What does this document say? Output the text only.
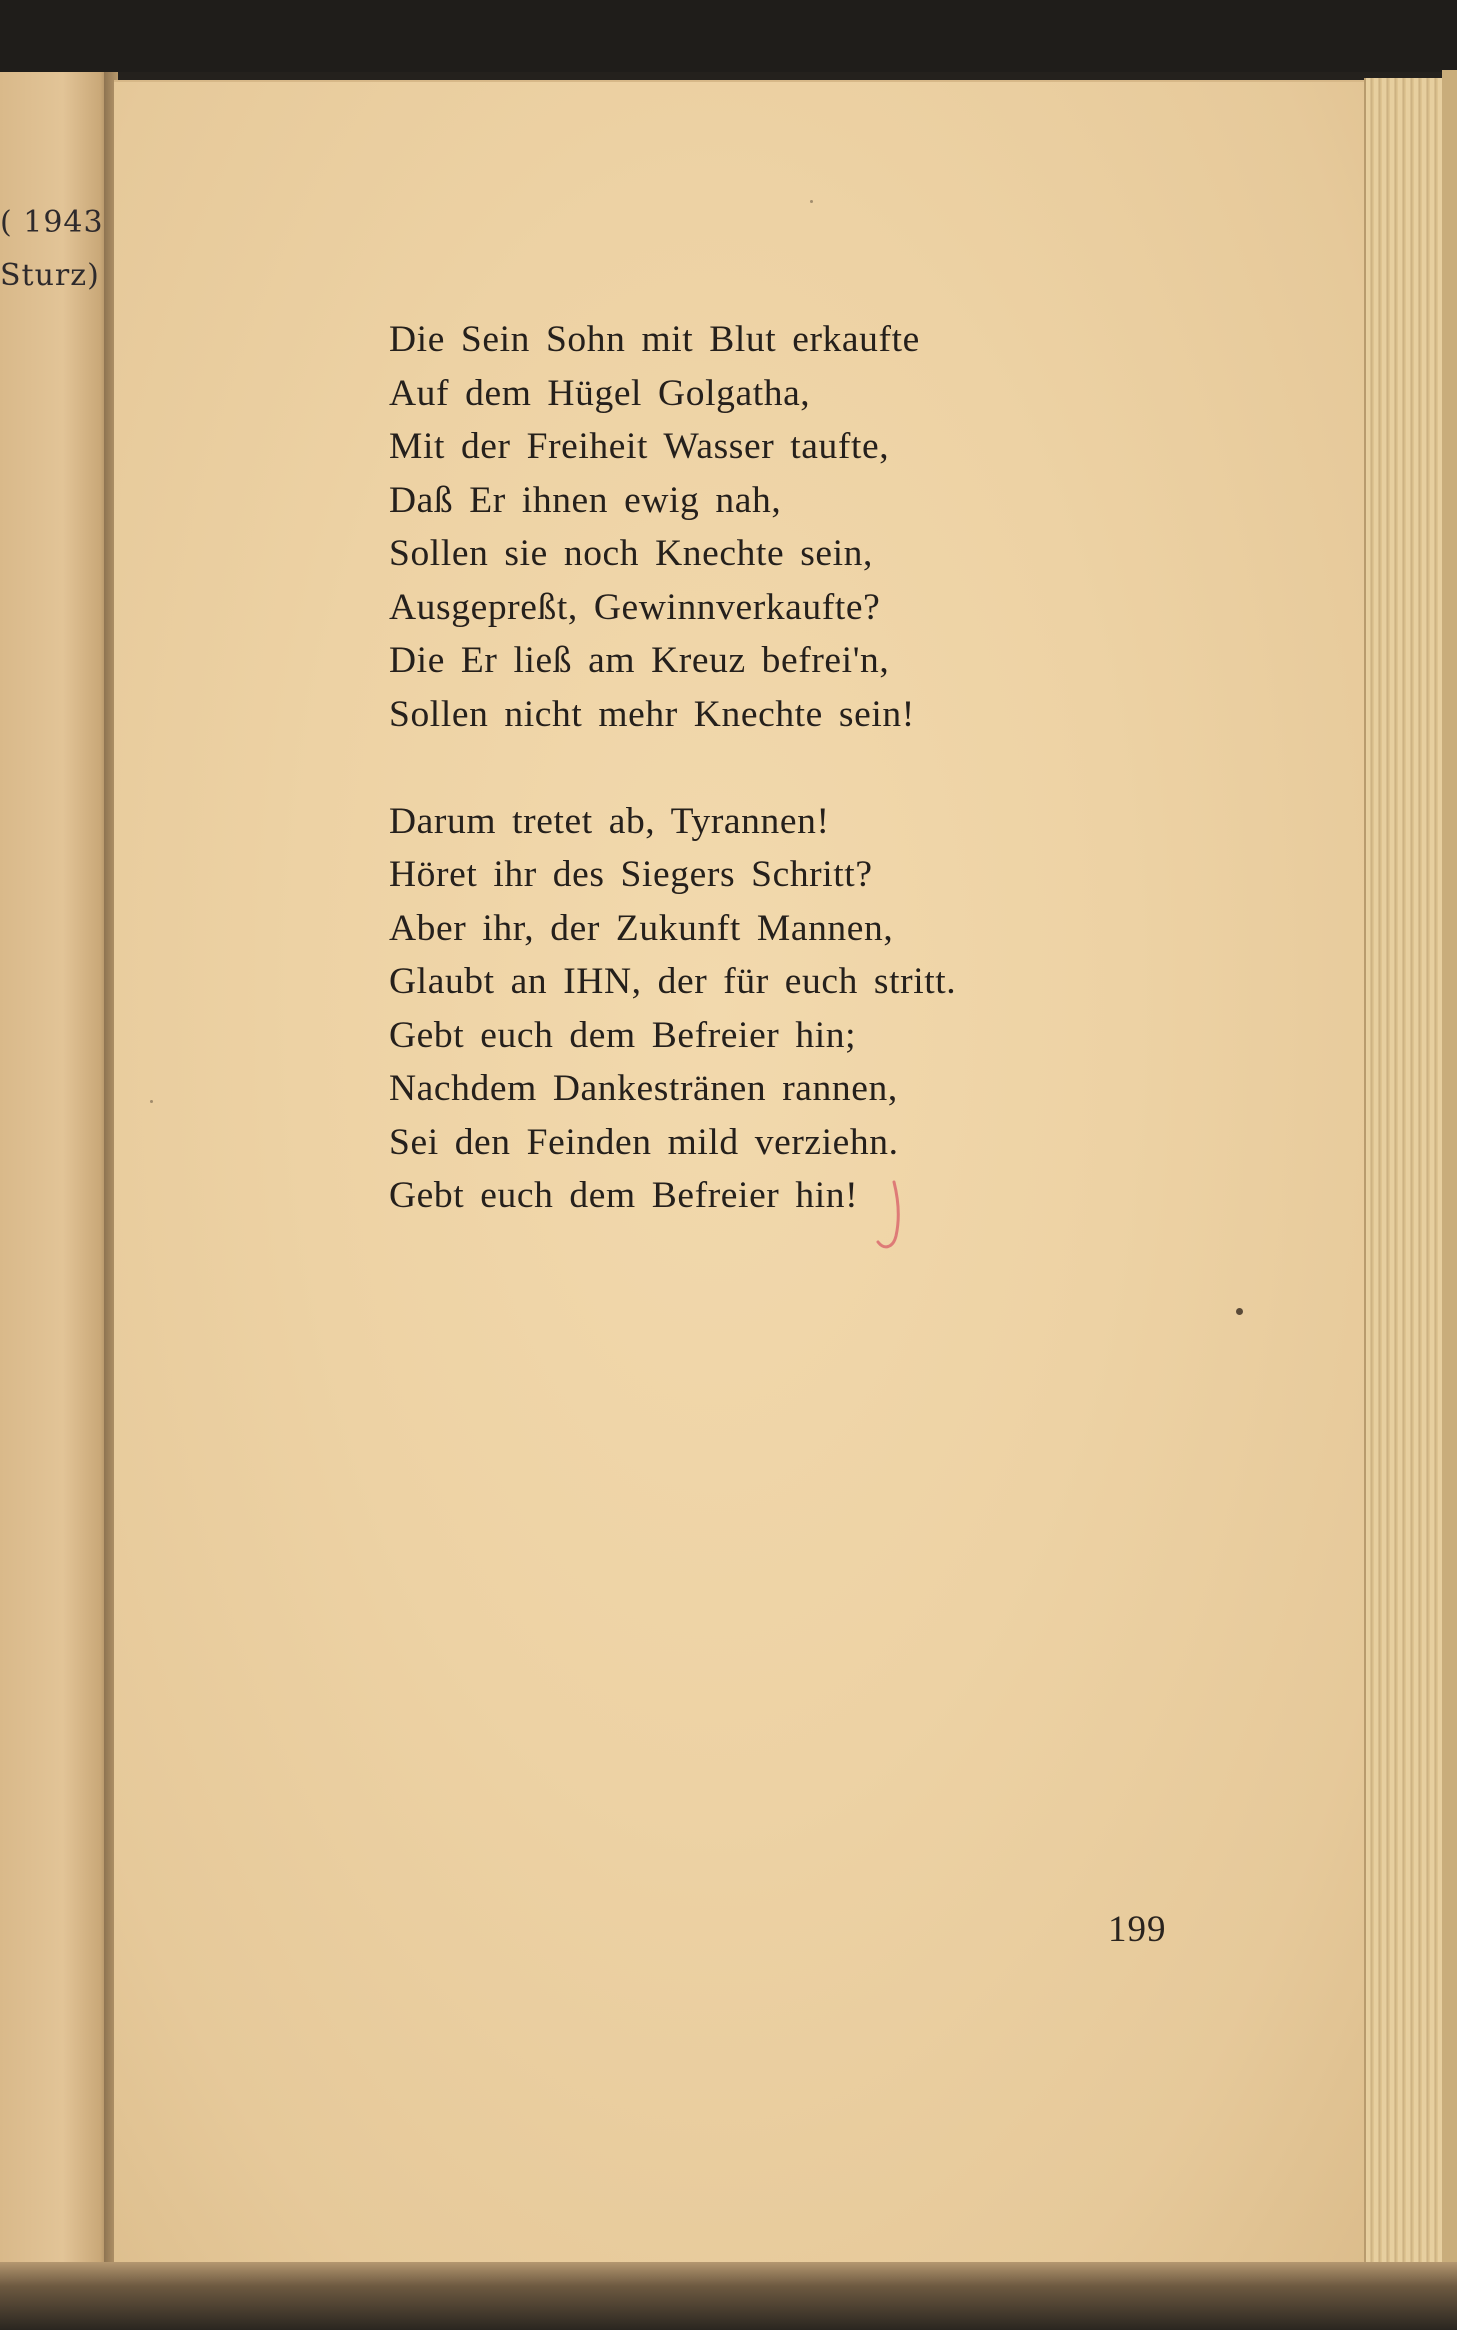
( 1943
Sturz)
Die Sein Sohn mit Blut erkaufte
Auf dem Hügel Golgatha,
Mit der Freiheit Wasser taufte,
Daß Er ihnen ewig nah,
Sollen sie noch Knechte sein,
Ausgepreßt, Gewinnverkaufte?
Die Er ließ am Kreuz befrei'n,
Sollen nicht mehr Knechte sein!
Darum tretet ab, Tyrannen!
Höret ihr des Siegers Schritt?
Aber ihr, der Zukunft Mannen,
Glaubt an IHN, der für euch stritt.
Gebt euch dem Befreier hin;
Nachdem Dankestränen rannen,
Sei den Feinden mild verziehn.
Gebt euch dem Befreier hin!
199
